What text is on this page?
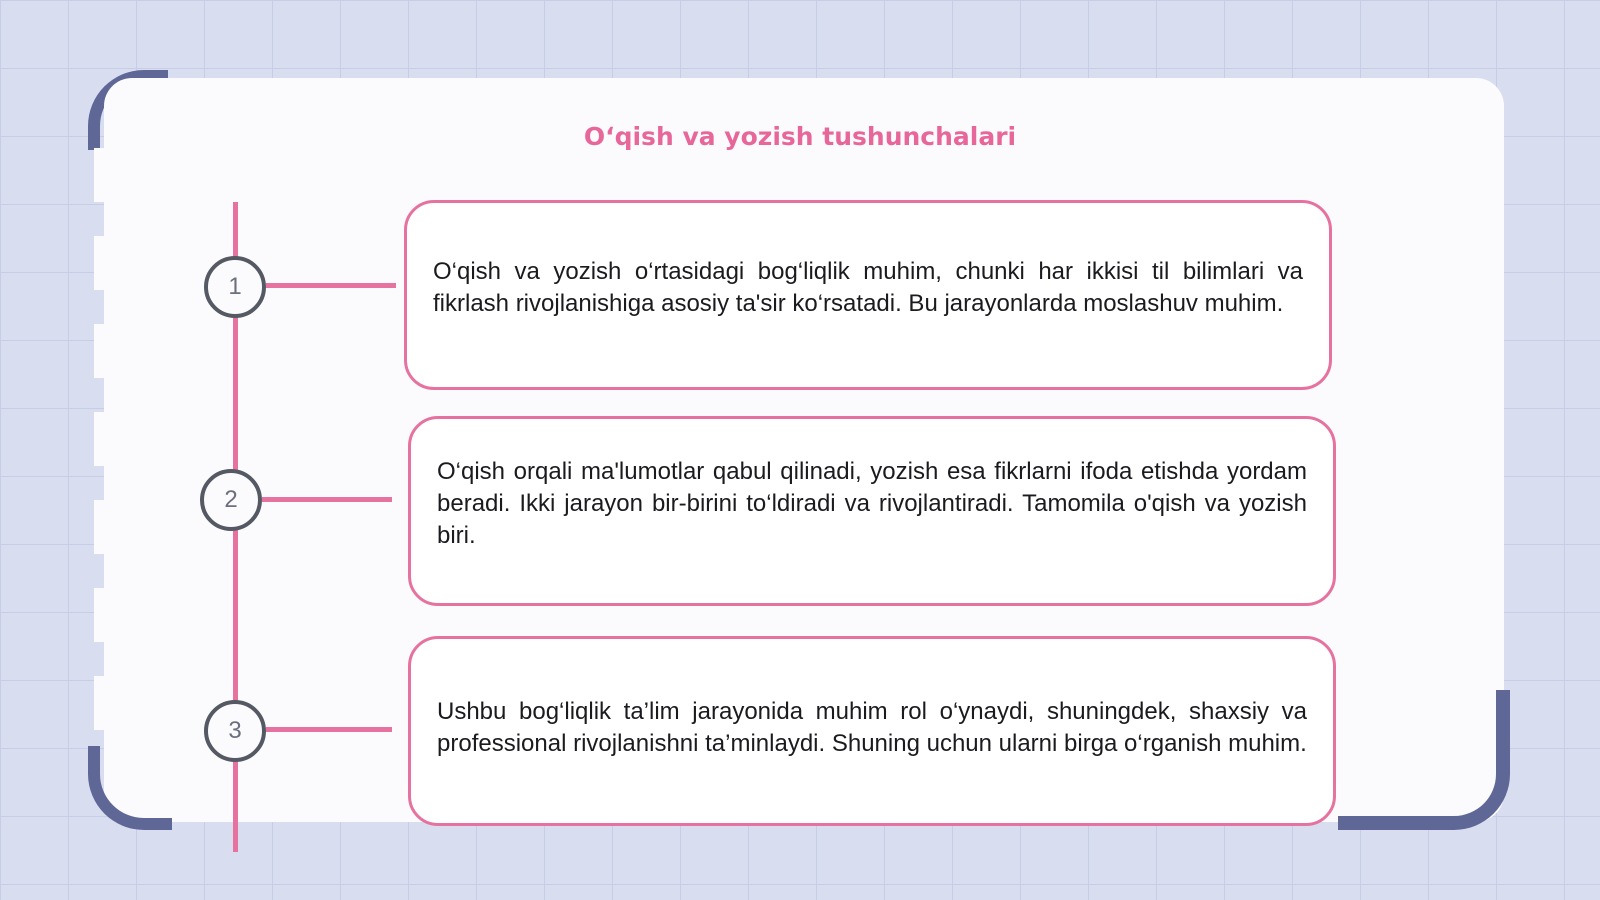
Oʻqish va yozish tushunchalari
1

O‘qish va yozish o‘rtasidagi bog‘liqlik muhim, chunki har ikkisi til bilimlari va fikrlash rivojlanishiga asosiy ta'sir ko‘rsatadi. Bu jarayonlarda moslashuv muhim.

2

O‘qish orqali ma'lumotlar qabul qilinadi, yozish esa fikrlarni ifoda etishda yordam beradi. Ikki jarayon bir-birini to‘ldiradi va rivojlantiradi. Tamomila o'qish va yozish biri.

3

Ushbu bog‘liqlik ta’lim jarayonida muhim rol o‘ynaydi, shuningdek, shaxsiy va professional rivojlanishni ta’minlaydi. Shuning uchun ularni birga o‘rganish muhim.
